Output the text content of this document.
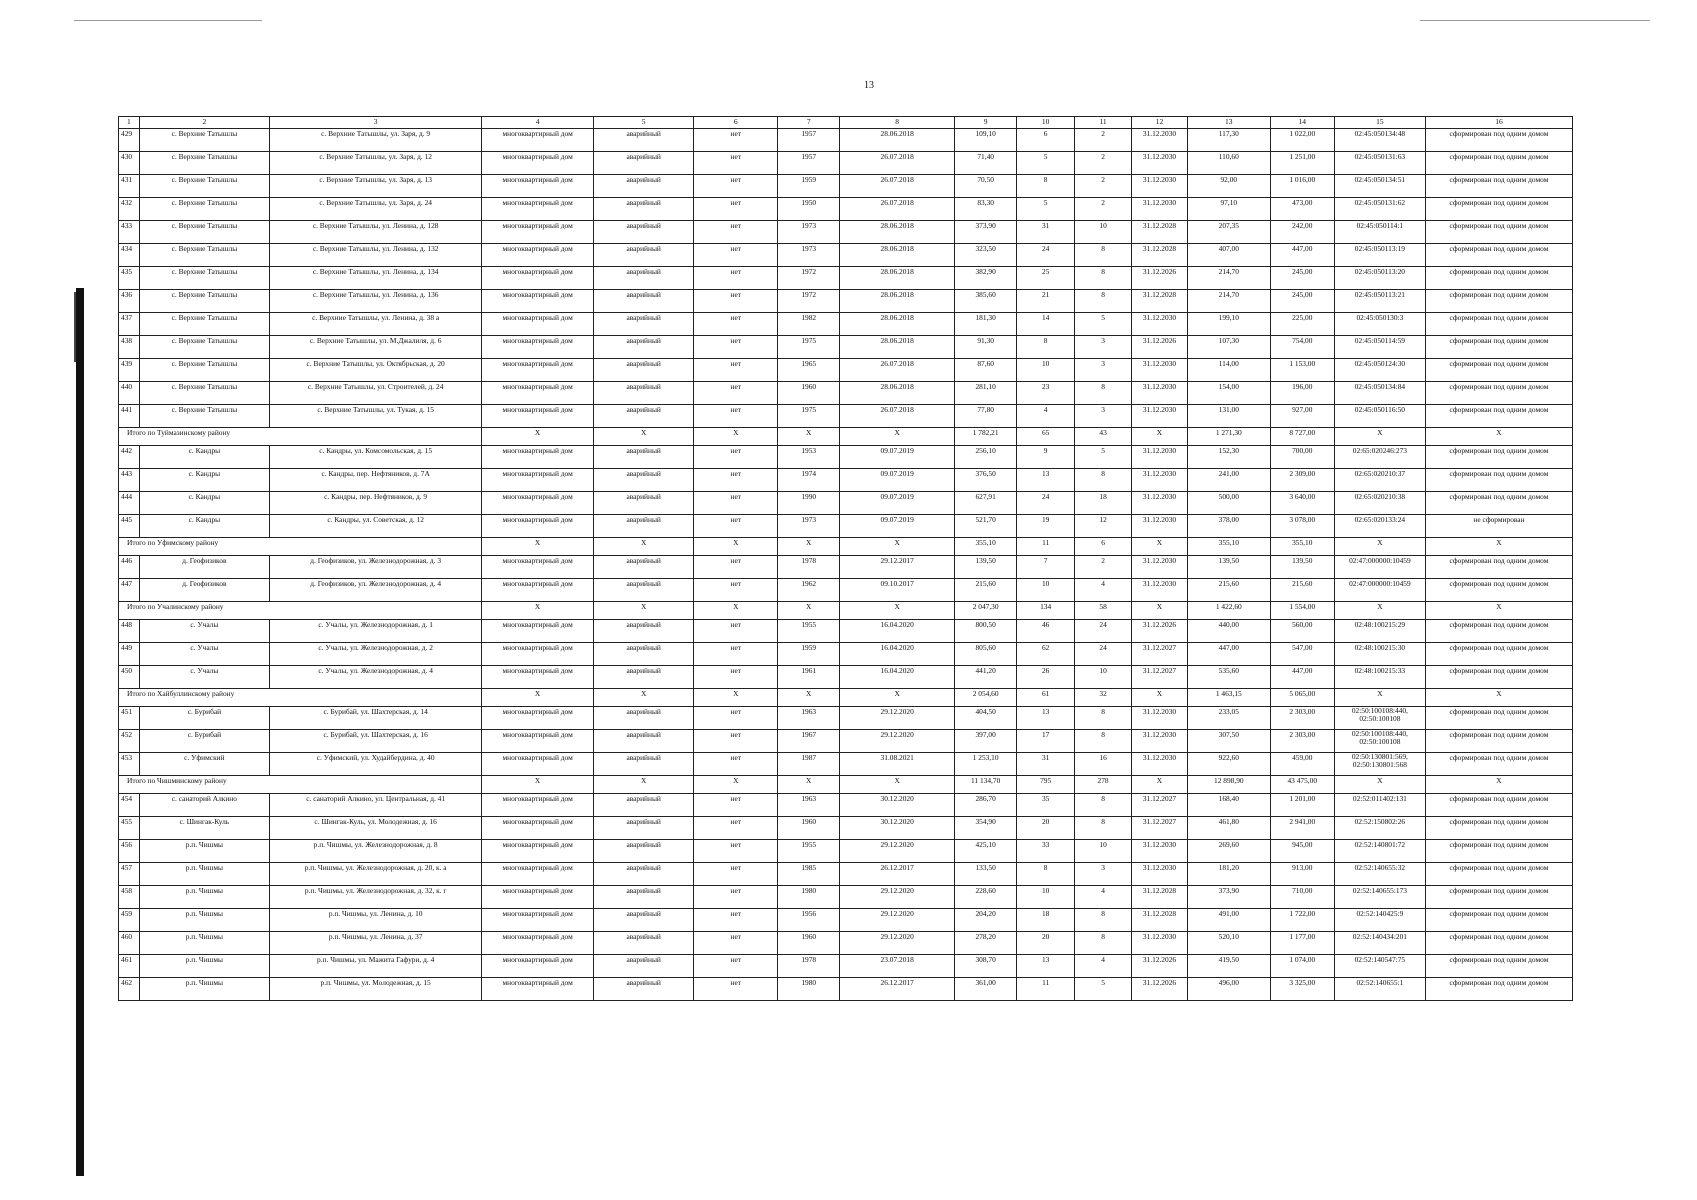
13
1	2	3	4	5	6	7	8	9	10	11	12	13	14	15	16
429	с. Верхние Татышлы	с. Верхние Татышлы, ул. Заря, д. 9	многоквартирный дом	аварийный	нет	1957	28.06.2018	109,10	6	2	31.12.2030	117,30	1 022,00	02:45:050134:48	сформирован под одним домом
430	с. Верхние Татышлы	с. Верхние Татышлы, ул. Заря, д. 12	многоквартирный дом	аварийный	нет	1957	26.07.2018	71,40	5	2	31.12.2030	110,60	1 251,00	02:45:050131:63	сформирован под одним домом
431	с. Верхние Татышлы	с. Верхние Татышлы, ул. Заря, д. 13	многоквартирный дом	аварийный	нет	1959	26.07.2018	70,50	8	2	31.12.2030	92,00	1 016,00	02:45:050134:51	сформирован под одним домом
432	с. Верхние Татышлы	с. Верхние Татышлы, ул. Заря, д. 24	многоквартирный дом	аварийный	нет	1950	26.07.2018	83,30	5	2	31.12.2030	97,10	473,00	02:45:050131:62	сформирован под одним домом
433	с. Верхние Татышлы	с. Верхние Татышлы, ул. Ленина, д. 128	многоквартирный дом	аварийный	нет	1973	28.06.2018	373,90	31	10	31.12.2028	207,35	242,00	02:45:050114:1	сформирован под одним домом
434	с. Верхние Татышлы	с. Верхние Татышлы, ул. Ленина, д. 132	многоквартирный дом	аварийный	нет	1973	28.06.2018	323,50	24	8	31.12.2028	407,00	447,00	02:45:050113:19	сформирован под одним домом
435	с. Верхние Татышлы	с. Верхние Татышлы, ул. Ленина, д. 134	многоквартирный дом	аварийный	нет	1972	28.06.2018	382,90	25	8	31.12.2026	214,70	245,00	02:45:050113:20	сформирован под одним домом
436	с. Верхние Татышлы	с. Верхние Татышлы, ул. Ленина, д. 136	многоквартирный дом	аварийный	нет	1972	28.06.2018	385,60	21	8	31.12.2028	214,70	245,00	02:45:050113:21	сформирован под одним домом
437	с. Верхние Татышлы	с. Верхние Татышлы, ул. Ленина, д. 38 а	многоквартирный дом	аварийный	нет	1982	28.06.2018	181,30	14	5	31.12.2030	199,10	225,00	02:45:050130:3	сформирован под одним домом
438	с. Верхние Татышлы	с. Верхние Татышлы, ул. М.Джалиля, д. 6	многоквартирный дом	аварийный	нет	1975	28.06.2018	91,30	8	3	31.12.2026	107,30	754,00	02:45:050114:59	сформирован под одним домом
439	с. Верхние Татышлы	с. Верхние Татышлы, ул. Октябрьская, д. 20	многоквартирный дом	аварийный	нет	1965	26.07.2018	87,60	10	3	31.12.2030	114,00	1 153,00	02:45:050124:30	сформирован под одним домом
440	с. Верхние Татышлы	с. Верхние Татышлы, ул. Строителей, д. 24	многоквартирный дом	аварийный	нет	1960	28.06.2018	281,10	23	8	31.12.2030	154,00	196,00	02:45:050134:84	сформирован под одним домом
441	с. Верхние Татышлы	с. Верхние Татышлы, ул. Тукая, д. 15	многоквартирный дом	аварийный	нет	1975	26.07.2018	77,80	4	3	31.12.2030	131,00	927,00	02:45:050116:50	сформирован под одним домом
Итого по Туймазинскому району			X	X	X	X	X	1 782,21	65	43	X	1 271,30	8 727,00	X	X
442	с. Кандры	с. Кандры, ул. Комсомольская, д. 15	многоквартирный дом	аварийный	нет	1953	09.07.2019	256,10	9	5	31.12.2030	152,30	700,00	02:65:020246:273	сформирован под одним домом
443	с. Кандры	с. Кандры, пер. Нефтяников, д. 7А	многоквартирный дом	аварийный	нет	1974	09.07.2019	376,50	13	8	31.12.2030	241,00	2 309,00	02:65:020210:37	сформирован под одним домом
444	с. Кандры	с. Кандры, пер. Нефтяников, д. 9	многоквартирный дом	аварийный	нет	1990	09.07.2019	627,91	24	18	31.12.2030	500,00	3 640,00	02:65:020210:38	сформирован под одним домом
445	с. Кандры	с. Кандры, ул. Советская, д. 12	многоквартирный дом	аварийный	нет	1973	09.07.2019	521,70	19	12	31.12.2030	378,00	3 078,00	02:65:020133:24	не сформирован
Итого по Уфимскому району			X	X	X	X	X	355,10	11	6	X	355,10	355,10	X	X
446	д. Геофизиков	д. Геофизиков, ул. Железнодорожная, д. 3	многоквартирный дом	аварийный	нет	1978	29.12.2017	139,50	7	2	31.12.2030	139,50	139,50	02:47:000000:10459	сформирован под одним домом
447	д. Геофизиков	д. Геофизиков, ул. Железнодорожная, д. 4	многоквартирный дом	аварийный	нет	1962	09.10.2017	215,60	10	4	31.12.2030	215,60	215,60	02:47:000000:10459	сформирован под одним домом
Итого по Учалинскому району			X	X	X	X	X	2 047,30	134	58	X	1 422,60	1 554,00	X	X
448	с. Учалы	с. Учалы, ул. Железнодорожная, д. 1	многоквартирный дом	аварийный	нет	1955	16.04.2020	800,50	46	24	31.12.2026	440,00	560,00	02:48:100215:29	сформирован под одним домом
449	с. Учалы	с. Учалы, ул. Железнодорожная, д. 2	многоквартирный дом	аварийный	нет	1959	16.04.2020	805,60	62	24	31.12.2027	447,00	547,00	02:48:100215:30	сформирован под одним домом
450	с. Учалы	с. Учалы, ул. Железнодорожная, д. 4	многоквартирный дом	аварийный	нет	1961	16.04.2020	441,20	26	10	31.12.2027	535,60	447,00	02:48:100215:33	сформирован под одним домом
Итого по Хайбуллинскому району			X	X	X	X	X	2 054,60	61	32	X	1 463,15	5 065,00	X	X
451	с. Бурибай	с. Бурибай, ул. Шахтерская, д. 14	многоквартирный дом	аварийный	нет	1963	29.12.2020	404,50	13	8	31.12.2030	233,05	2 303,00	02:50:100108:440, 02:50:100108	сформирован под одним домом
452	с. Бурибай	с. Бурибай, ул. Шахтерская, д. 16	многоквартирный дом	аварийный	нет	1967	29.12.2020	397,00	17	8	31.12.2030	307,50	2 303,00	02:50:100108:440, 02:50:100108	сформирован под одним домом
453	с. Уфимский	с. Уфимский, ул. Худайбердина, д. 40	многоквартирный дом	аварийный	нет	1987	31.08.2021	1 253,10	31	16	31.12.2030	922,60	459,00	02:50:130801:569, 02:50:130801:568	сформирован под одним домом
Итого по Чишминскому району			X	X	X	X	X	11 134,70	795	278	X	12 898,90	43 475,00	X	X
454	с. санаторий Алкино	с. санаторий Алкино, ул. Центральная, д. 41	многоквартирный дом	аварийный	нет	1963	30.12.2020	286,70	35	8	31.12.2027	168,40	1 201,00	02:52:011402:131	сформирован под одним домом
455	с. Шингак-Куль	с. Шингак-Куль, ул. Молодежная, д. 16	многоквартирный дом	аварийный	нет	1960	30.12.2020	354,90	20	8	31.12.2027	461,80	2 941,00	02:52:150802:26	сформирован под одним домом
456	р.п. Чишмы	р.п. Чишмы, ул. Железнодорожная, д. 8	многоквартирный дом	аварийный	нет	1955	29.12.2020	425,10	33	10	31.12.2030	269,60	945,00	02:52:140801:72	сформирован под одним домом
457	р.п. Чишмы	р.п. Чишмы, ул. Железнодорожная, д. 20, к. а	многоквартирный дом	аварийный	нет	1985	26.12.2017	133,50	8	3	31.12.2030	181,20	913,00	02:52:140655:32	сформирован под одним домом
458	р.п. Чишмы	р.п. Чишмы, ул. Железнодорожная, д. 32, к. г	многоквартирный дом	аварийный	нет	1980	29.12.2020	228,60	10	4	31.12.2028	373,90	710,00	02:52:140655:173	сформирован под одним домом
459	р.п. Чишмы	р.п. Чишмы, ул. Ленина, д. 10	многоквартирный дом	аварийный	нет	1956	29.12.2020	204,20	18	8	31.12.2028	491,00	1 722,00	02:52:140425:9	сформирован под одним домом
460	р.п. Чишмы	р.п. Чишмы, ул. Ленина, д. 37	многоквартирный дом	аварийный	нет	1960	29.12.2020	278,20	20	8	31.12.2030	520,10	1 177,00	02:52:140434:201	сформирован под одним домом
461	р.п. Чишмы	р.п. Чишмы, ул. Мажита Гафури, д. 4	многоквартирный дом	аварийный	нет	1978	23.07.2018	308,70	13	4	31.12.2026	419,50	1 074,00	02:52:140547:75	сформирован под одним домом
462	р.п. Чишмы	р.п. Чишмы, ул. Молодежная, д. 15	многоквартирный дом	аварийный	нет	1980	26.12.2017	361,00	11	5	31.12.2026	496,00	3 325,00	02:52:140655:1	сформирован под одним домом
